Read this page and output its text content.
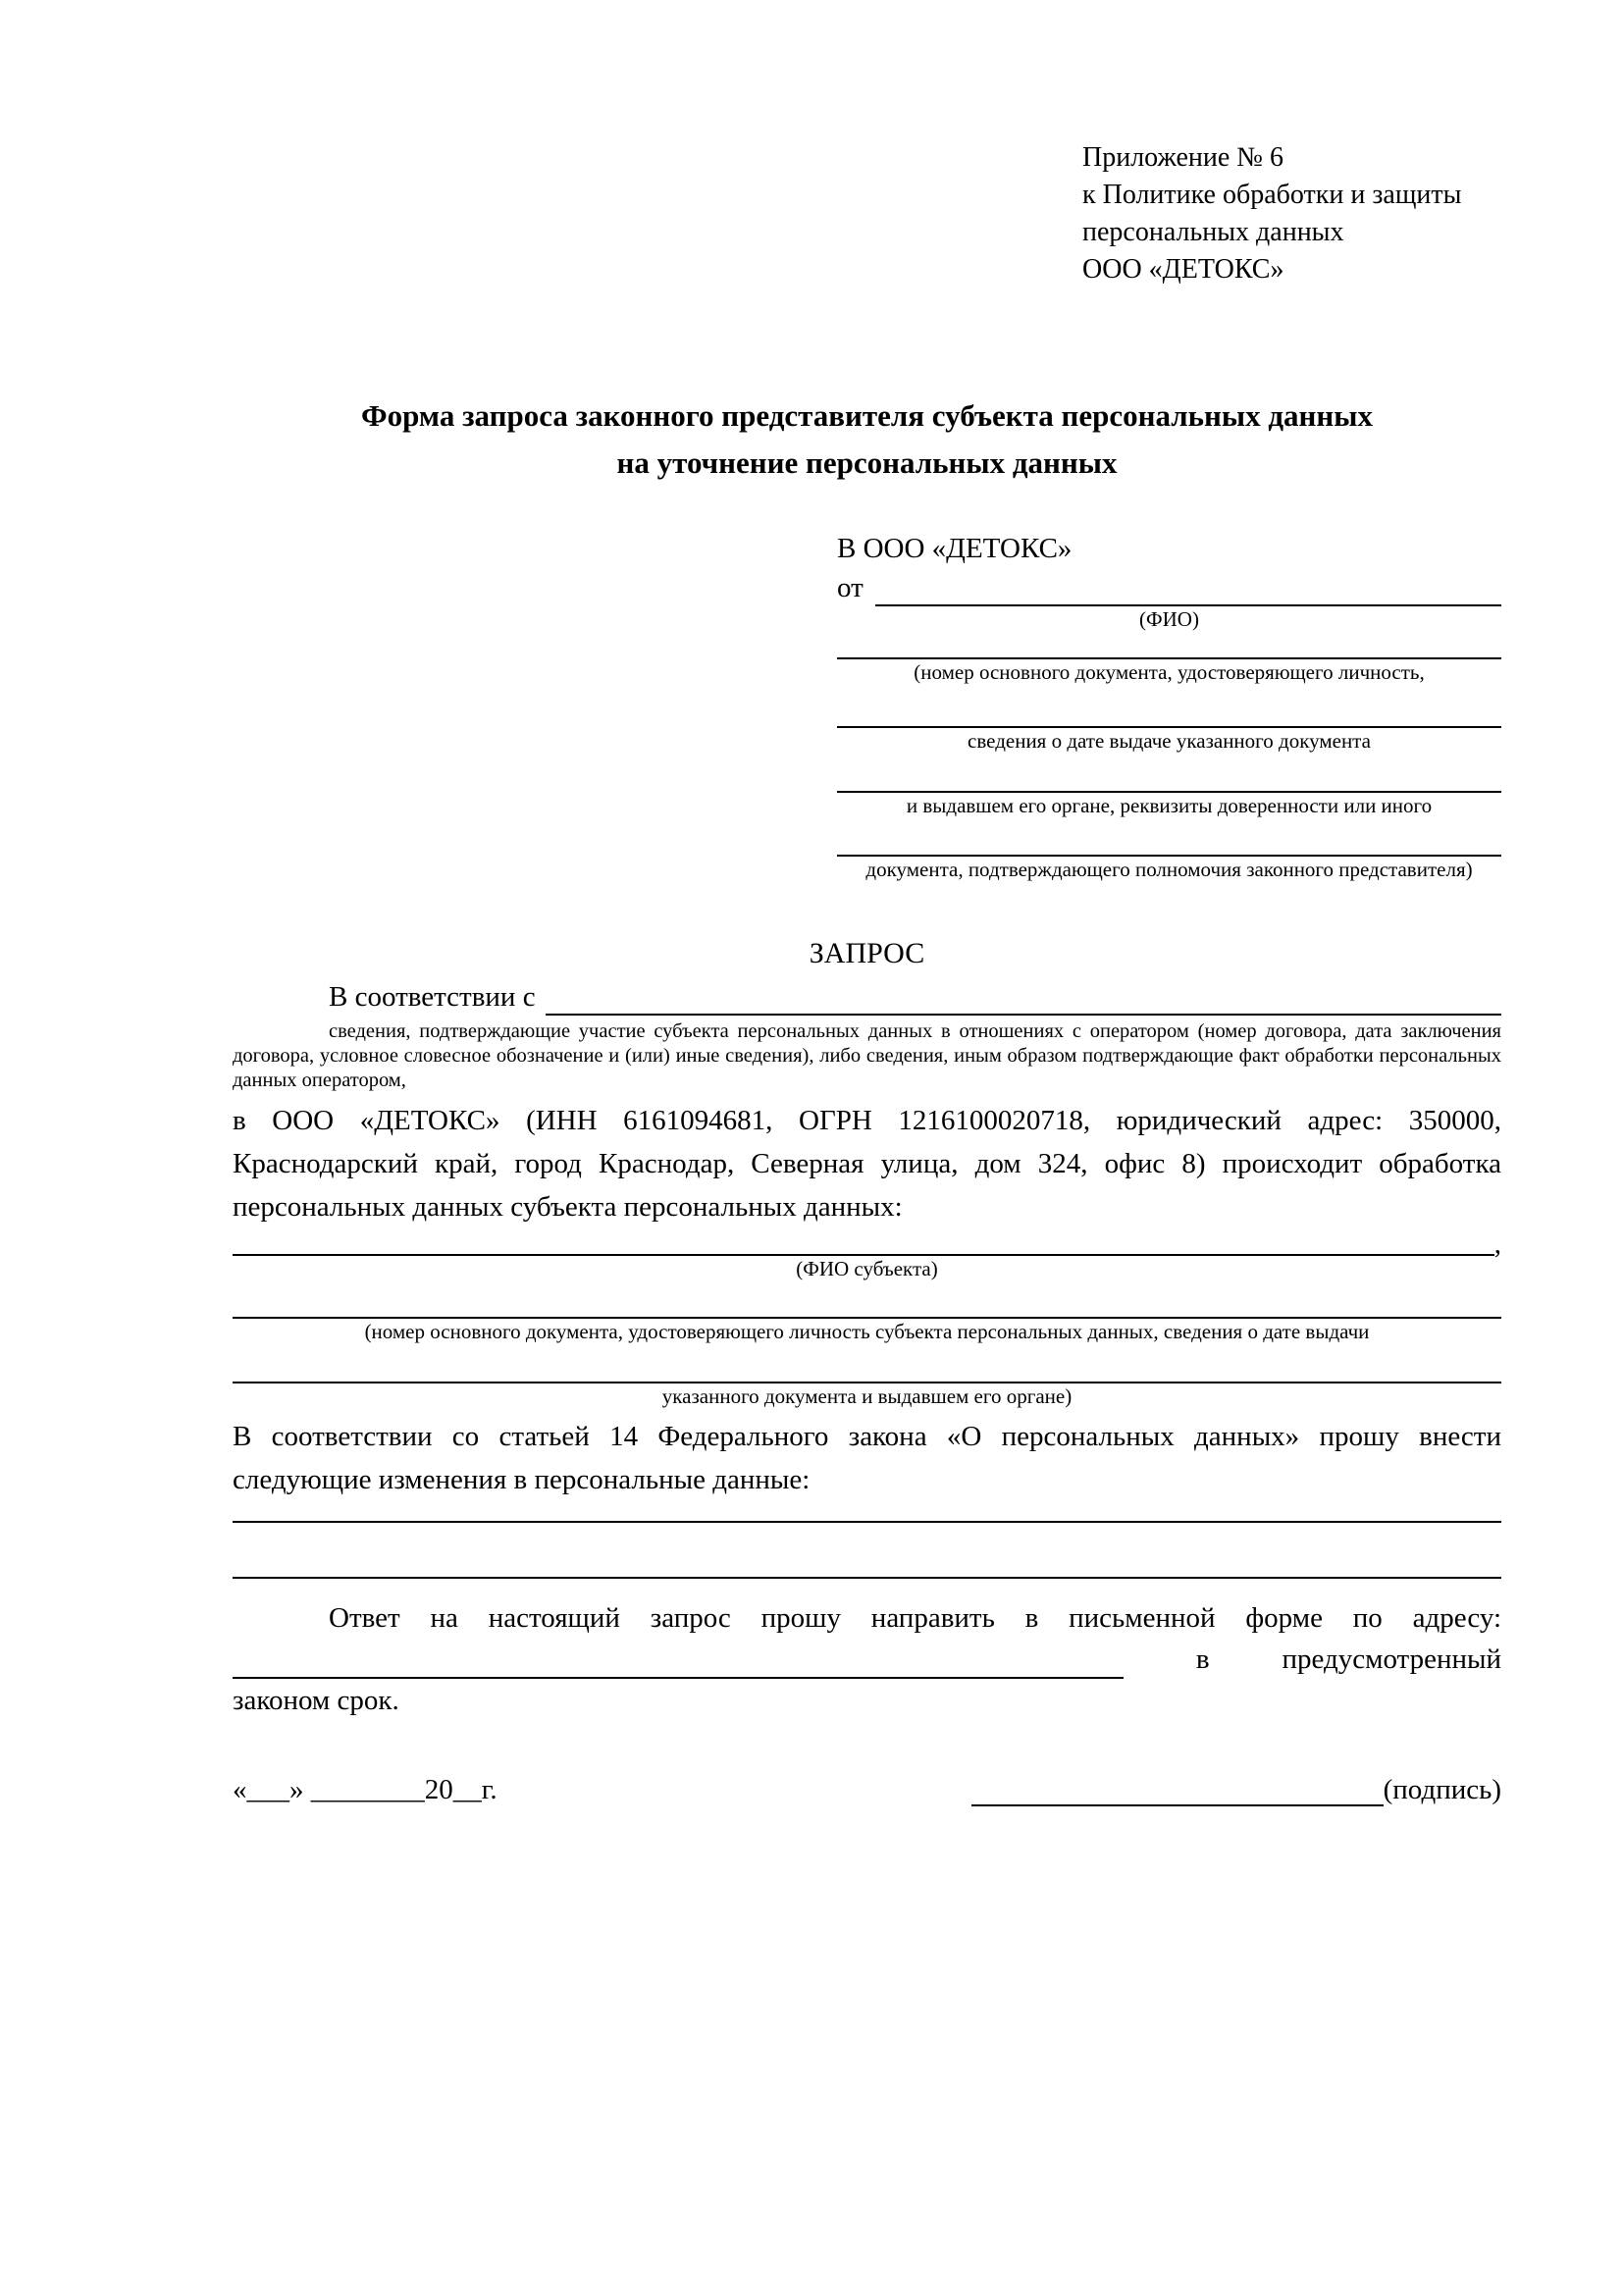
Приложение № 6
к Политике обработки и защиты
персональных данных
ООО «ДЕТОКС»
Форма запроса законного представителя субъекта персональных данных
на уточнение персональных данных
В ООО «ДЕТОКС»
от
(ФИО)
(номер основного документа, удостоверяющего личность,
сведения о дате выдаче указанного документа
и выдавшем его органе, реквизиты доверенности или иного
документа, подтверждающего полномочия законного представителя)
ЗАПРОС
В соответствии с
сведения, подтверждающие участие субъекта персональных данных в отношениях с оператором (номер договора, дата заключения договора, условное словесное обозначение и (или) иные сведения), либо сведения, иным образом подтверждающие факт обработки персональных данных оператором,
в ООО «ДЕТОКС» (ИНН 6161094681, ОГРН 1216100020718, юридический адрес: 350000, Краснодарский край, город Краснодар, Северная улица, дом 324, офис 8) происходит обработка персональных данных субъекта персональных данных:
,
(ФИО субъекта)
(номер основного документа, удостоверяющего личность субъекта персональных данных, сведения о дате выдачи
указанного документа и выдавшем его органе)
В соответствии со статьей 14 Федерального закона «О персональных данных» прошу внести следующие изменения в персональные данные:
Ответ на настоящий запрос прошу направить в письменной форме по адресу:
в	предусмотренный
законом срок.
«___» ________20__г.	(подпись)
